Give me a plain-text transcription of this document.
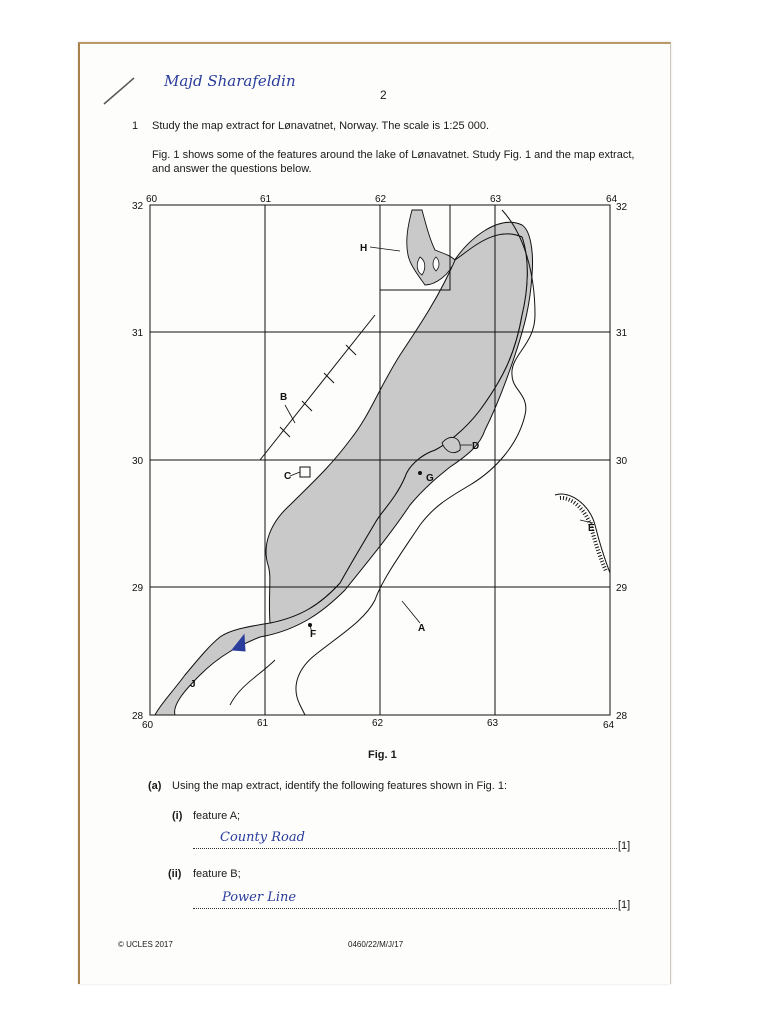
Majd Sharafeldin
2
1 Study the map extract for Lønavatnet, Norway. The scale is 1:25 000.
Fig. 1 shows some of the features around the lake of Lønavatnet. Study Fig. 1 and the map extract, and answer the questions below.
60	61	62	63	64
60	61	62	63	64
32
31
30
29
28
32
31
30
29
28
H
B
C
D
G
E
A
F
J
Fig. 1
(a) Using the map extract, identify the following features shown in Fig. 1:
(i) feature A;
County Road
[1]
(ii) feature B;
Power Line	[1]
© UCLES 2017	0460/22/M/J/17
